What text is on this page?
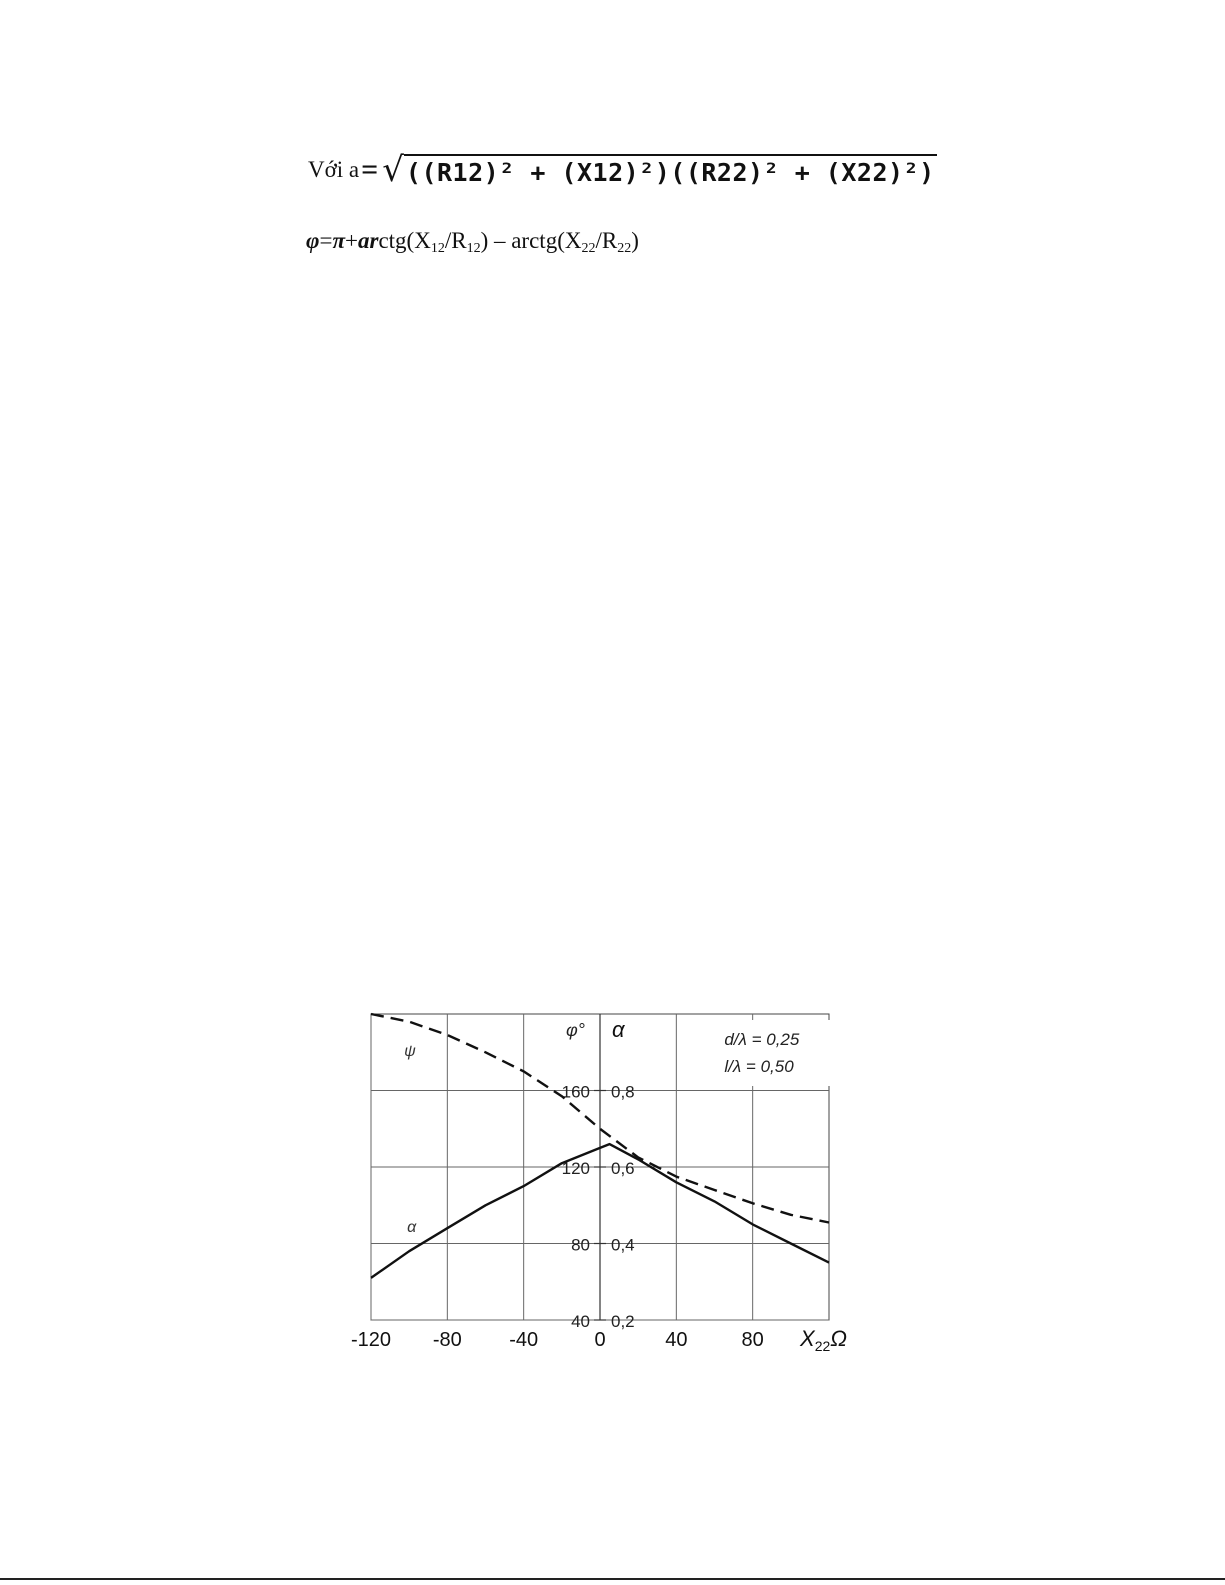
Với a = √ ((R12)² + (X12)²)((R22)² + (X22)²)
$\varphi=\pi+arctg(X_{12}/R_{12})$ – $arctg(X_{22}/R_{22})$
-120 -80 -40	0	40	80
40
80
120
160
0,2
0,4
0,6
0,8
φ° α
$X_{22}\Omega$
d/λ = 0,25
l/λ = 0,50
ψ
α
